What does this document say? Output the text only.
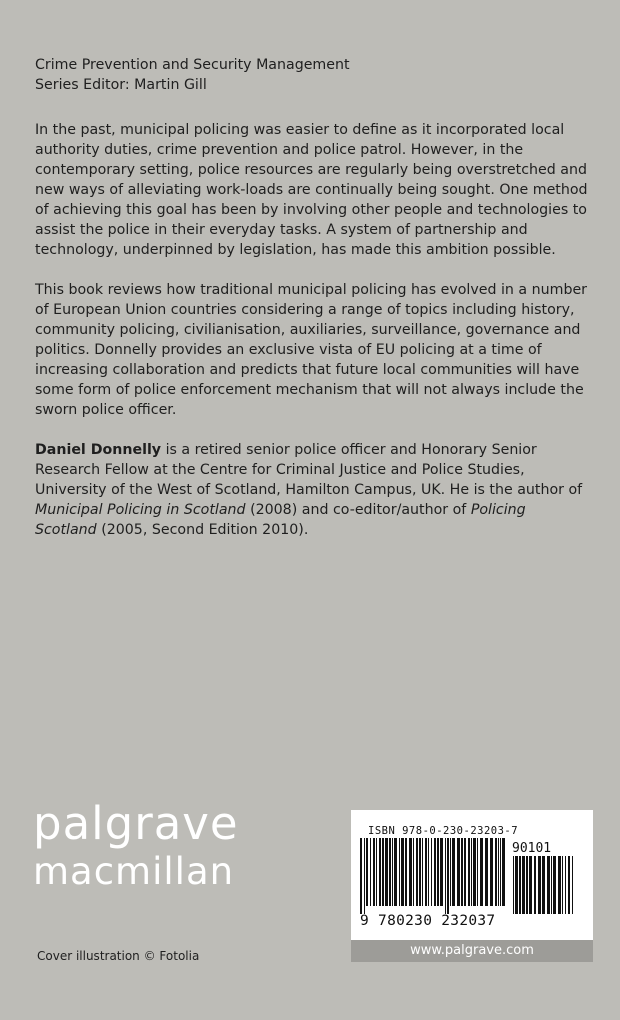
Crime Prevention and Security Management

Series Editor: Martin Gill

In the past, municipal policing was easier to define as it incorporated local authority duties, crime prevention and police patrol. However, in the contemporary setting, police resources are regularly being overstretched and new ways of alleviating work-loads are continually being sought. One method of achieving this goal has been by involving other people and technologies to assist the police in their everyday tasks. A system of partnership and technology, underpinned by legislation, has made this ambition possible.

This book reviews how traditional municipal policing has evolved in a number of European Union countries considering a range of topics including history, community policing, civilianisation, auxiliaries, surveillance, governance and politics. Donnelly provides an exclusive vista of EU policing at a time of increasing collaboration and predicts that future local communities will have some form of police enforcement mechanism that will not always include the sworn police officer.

Daniel Donnelly is a retired senior police officer and Honorary Senior Research Fellow at the Centre for Criminal Justice and Police Studies, University of the West of Scotland, Hamilton Campus, UK. He is the author of Municipal Policing in Scotland (2008) and co-editor/author of Policing Scotland (2005, Second Edition 2010).

palgrave
macmillan
Cover illustration © Fotolia
ISBN 978-0-230-23203-7
90101
9 780230 232037
www.palgrave.com
